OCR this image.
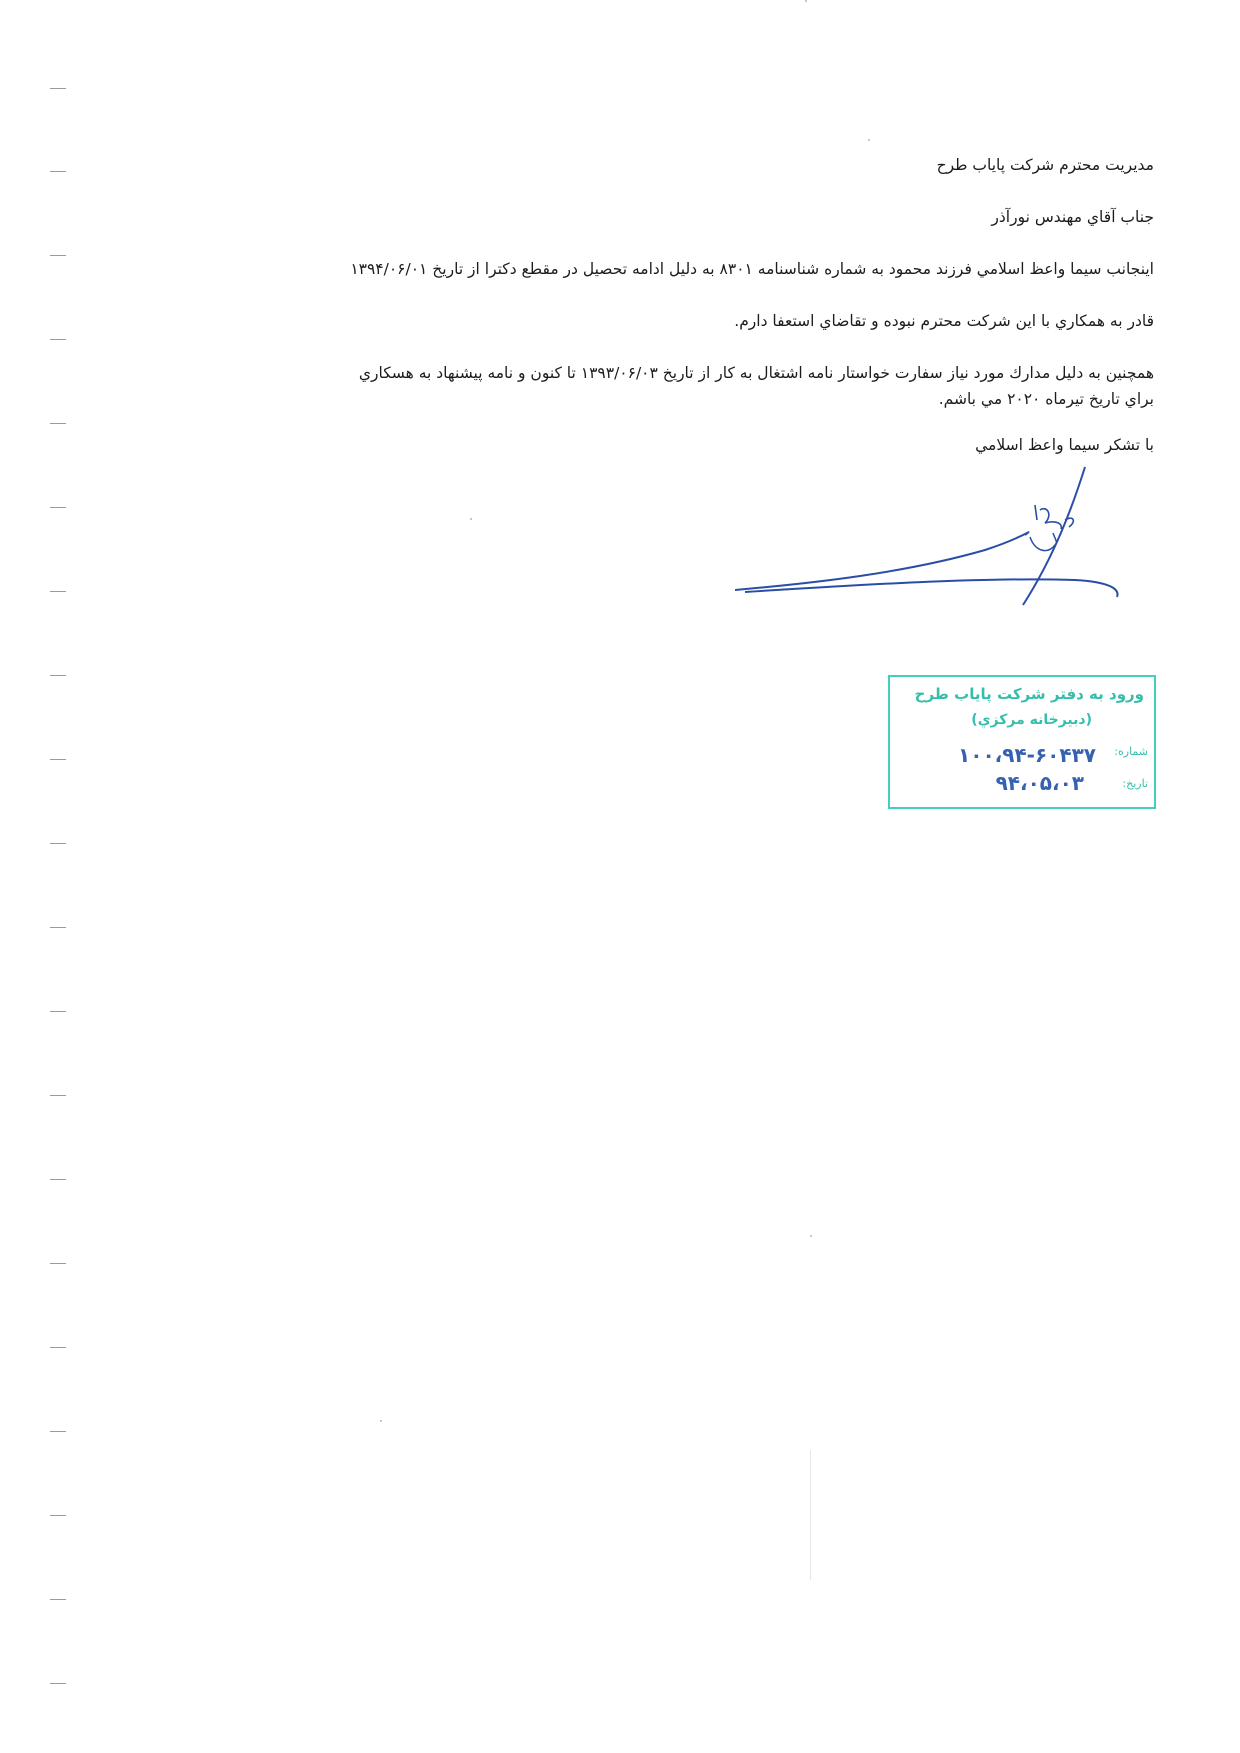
مديريت محترم شركت پاياب طرح
جناب آقاي مهندس نورآذر
اينجانب سيما واعظ اسلامي فرزند محمود به شماره شناسنامه ۸۳۰۱ به دليل ادامه تحصيل در مقطع دكترا از تاريخ ۱۳۹۴/۰۶/۰۱
قادر به همكاري با اين شركت محترم نبوده و تقاضاي استعفا دارم.
همچنين به دليل مدارك مورد نياز سفارت خواستار نامه اشتغال به كار از تاريخ ۱۳۹۳/۰۶/۰۳ تا كنون و نامه پيشنهاد به هسكاري
براي تاريخ تيرماه ۲۰۲۰ مي باشم.
با تشكر سيما واعظ اسلامي
ورود به دفتر شركت پاياب طرح
(دبيرخانه مركزي)
شماره:
۱۰۰،۹۴-۶۰۴۳۷
تاريخ:
۹۴،۰۵،۰۳
